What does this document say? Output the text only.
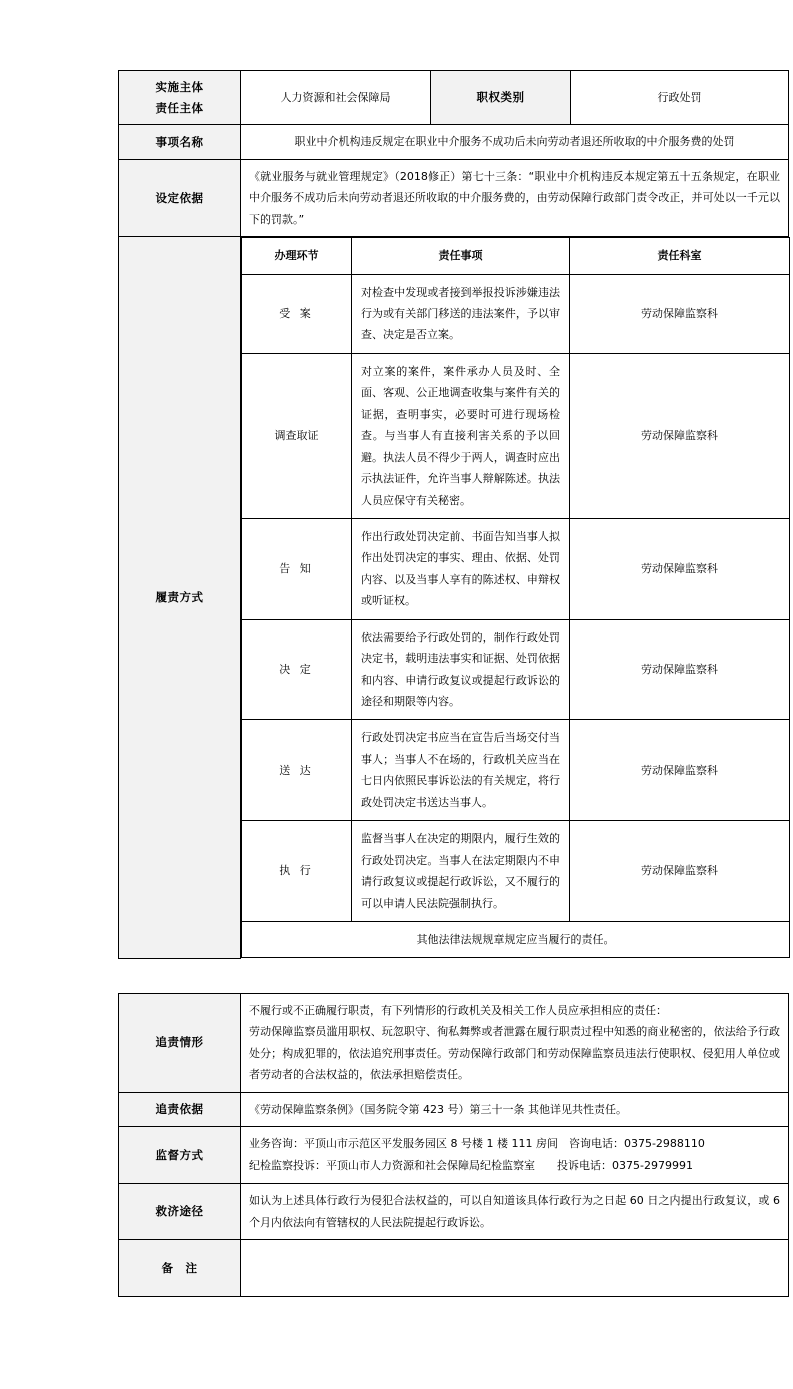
实施主体
责任主体
	人力资源和社会保障局	职权类别	行政处罚
事项名称	职业中介机构违反规定在职业中介服务不成功后未向劳动者退还所收取的中介服务费的处罚
设定依据	《就业服务与就业管理规定》（2018修正）第七十三条：“职业中介机构违反本规定第五十五条规定，在职业中介服务不成功后未向劳动者退还所收取的中介服务费的，由劳动保障行政部门责令改正，并可处以一千元以下的罚款。”
履责方式	
办理环节	责任事项	责任科室
受 案	对检查中发现或者接到举报投诉涉嫌违法行为或有关部门移送的违法案件，予以审查、决定是否立案。	劳动保障监察科
调查取证	对立案的案件，案件承办人员及时、全面、客观、公正地调查收集与案件有关的证据，查明事实，必要时可进行现场检查。与当事人有直接利害关系的予以回避。执法人员不得少于两人，调查时应出示执法证件，允许当事人辩解陈述。执法人员应保守有关秘密。	劳动保障监察科
告 知	作出行政处罚决定前、书面告知当事人拟作出处罚决定的事实、理由、依据、处罚内容、以及当事人享有的陈述权、申辩权或听证权。	劳动保障监察科
决 定	依法需要给予行政处罚的，制作行政处罚决定书，载明违法事实和证据、处罚依据和内容、申请行政复议或提起行政诉讼的途径和期限等内容。	劳动保障监察科
送 达	行政处罚决定书应当在宣告后当场交付当事人；当事人不在场的，行政机关应当在七日内依照民事诉讼法的有关规定，将行政处罚决定书送达当事人。	劳动保障监察科
执 行	监督当事人在决定的期限内，履行生效的行政处罚决定。当事人在法定期限内不申请行政复议或提起行政诉讼，又不履行的可以申请人民法院强制执行。	劳动保障监察科
其他法律法规规章规定应当履行的责任。
追责情形	不履行或不正确履行职责，有下列情形的行政机关及相关工作人员应承担相应的责任：
劳动保障监察员滥用职权、玩忽职守、徇私舞弊或者泄露在履行职责过程中知悉的商业秘密的，依法给予行政处分；构成犯罪的，依法追究刑事责任。劳动保障行政部门和劳动保障监察员违法行使职权、侵犯用人单位或者劳动者的合法权益的，依法承担赔偿责任。

追责依据	《劳动保障监察条例》（国务院令第 423 号）第三十一条 其他详见共性责任。
监督方式	业务咨询：平顶山市示范区平发服务园区 8 号楼 1 楼 111 房间　咨询电话：0375-2988110
纪检监察投诉：平顶山市人力资源和社会保障局纪检监察室　　投诉电话：0375-2979991

救济途径	如认为上述具体行政行为侵犯合法权益的，可以自知道该具体行政行为之日起 60 日之内提出行政复议，或 6 个月内依法向有管辖权的人民法院提起行政诉讼。
备　注	
